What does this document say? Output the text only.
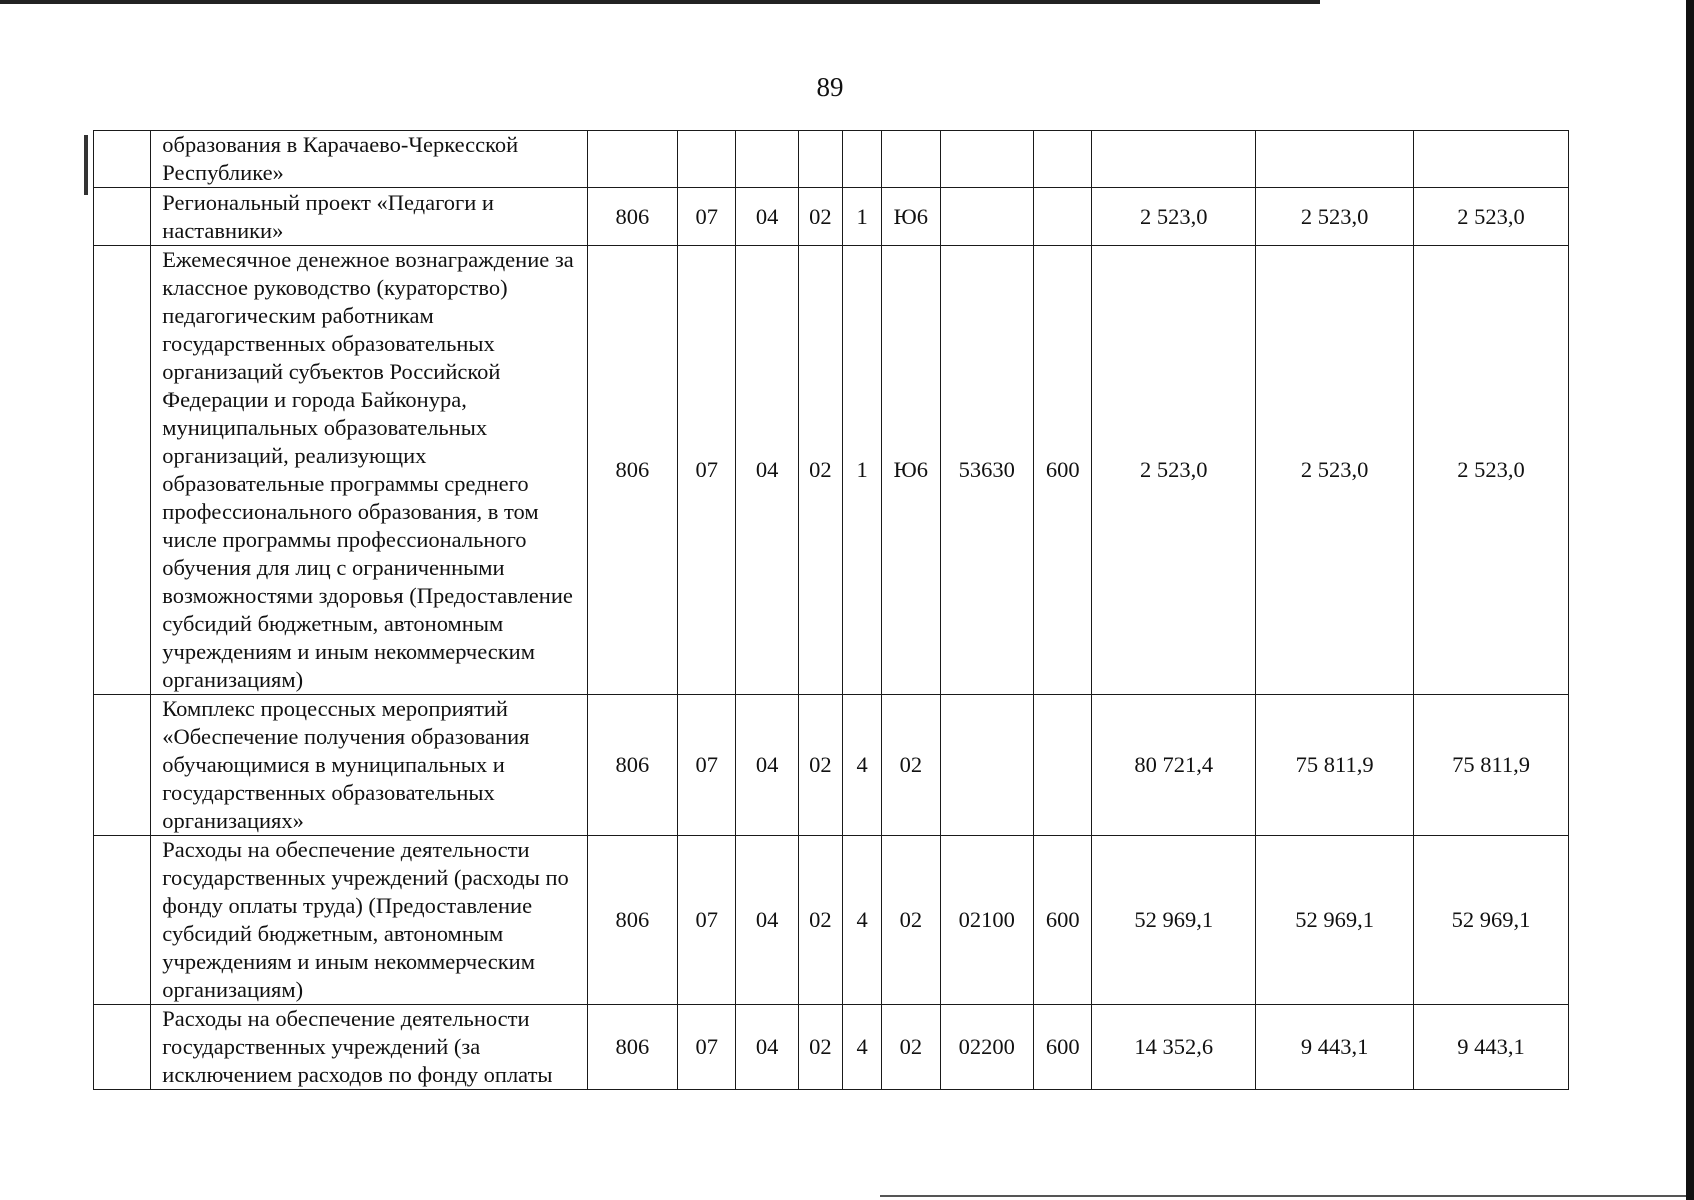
89
	образования в Карачаево-Черкесской Республике»											
	Региональный проект «Педагоги и наставники»	806	07	04	02	1	Ю6			2 523,0	2 523,0	2 523,0
	Ежемесячное денежное вознаграждение за классное руководство (кураторство) педагогическим работникам государственных образовательных организаций субъектов Российской Федерации и города Байконура, муниципальных образовательных организаций, реализующих образовательные программы среднего профессионального образования, в том числе программы профессионального обучения для лиц с ограниченными возможностями здоровья (Предоставление субсидий бюджетным, автономным учреждениям и иным некоммерческим организациям)	806	07	04	02	1	Ю6	53630	600	2 523,0	2 523,0	2 523,0
	Комплекс процессных мероприятий «Обеспечение получения образования обучающимися в муниципальных и государственных образовательных организациях»	806	07	04	02	4	02			80 721,4	75 811,9	75 811,9
	Расходы на обеспечение деятельности государственных учреждений (расходы по фонду оплаты труда) (Предоставление субсидий бюджетным, автономным учреждениям и иным некоммерческим организациям)	806	07	04	02	4	02	02100	600	52 969,1	52 969,1	52 969,1
	Расходы на обеспечение деятельности государственных учреждений (за исключением расходов по фонду оплаты	806	07	04	02	4	02	02200	600	14 352,6	9 443,1	9 443,1
